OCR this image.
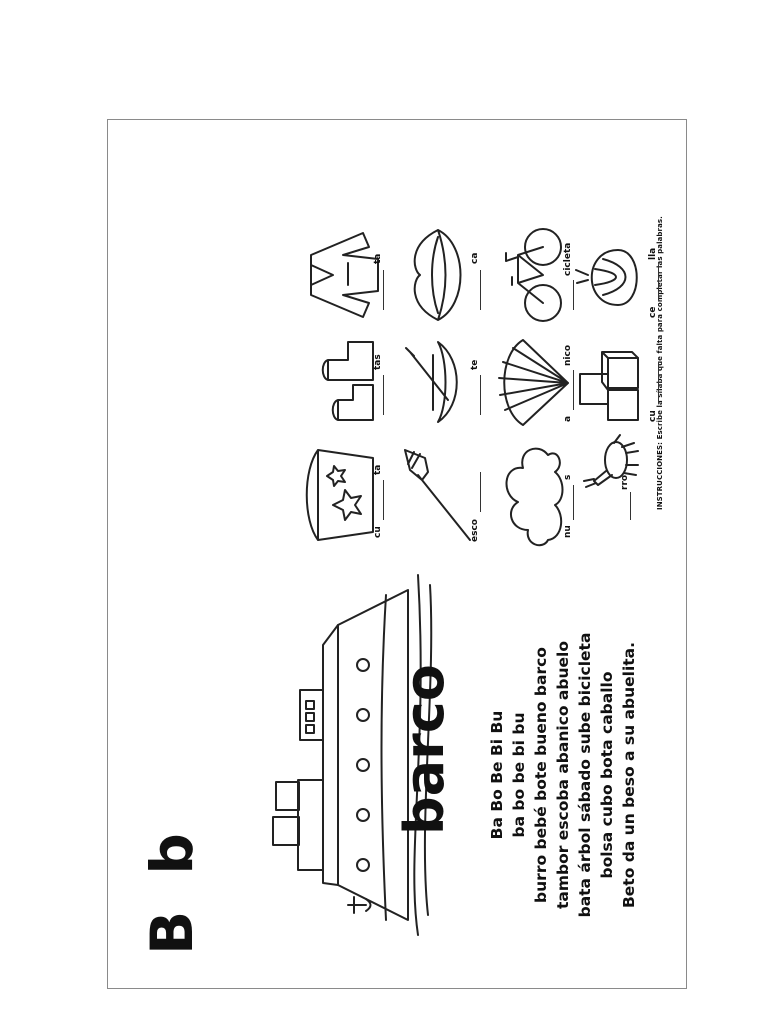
B b
barco Ba Bo Be Bi Bu ba bo be bi bu burro bebé bote bueno barco tambor escoba abanico abuelo bata árbol sábado sube bicicleta bolsa cubo bota caballo Beto da un beso a su abuelita.
INSTRUCCIONES: Escribe la sílaba que falta para completar las palabras.
rro
nu
s
esco
cu
ta
cu
a
nico
te
tas
ce
lla
cicleta
ca
ta
